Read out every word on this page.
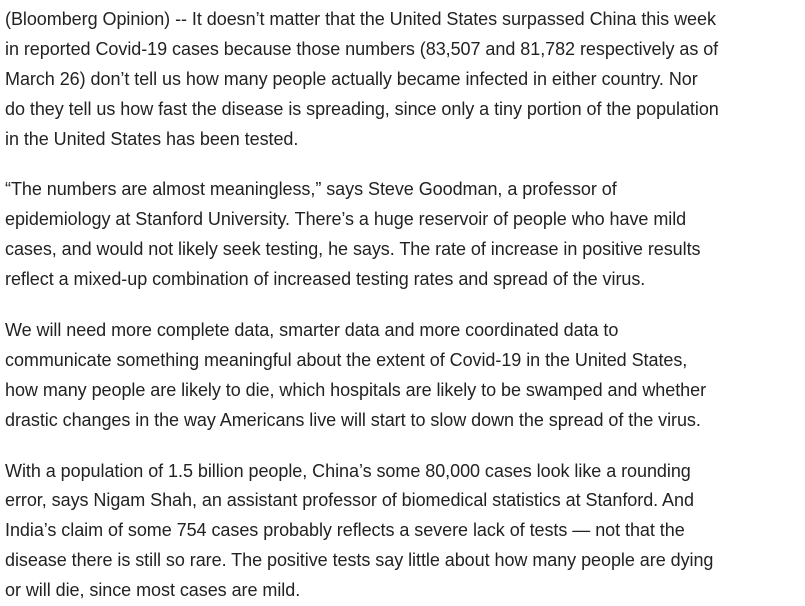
(Bloomberg Opinion) -- It doesn’t matter that the United States surpassed China this week
in reported Covid-19 cases because those numbers (83,507 and 81,782 respectively as of
March 26) don’t tell us how many people actually became infected in either country. Nor
do they tell us how fast the disease is spreading, since only a tiny portion of the population
in the United States has been tested.

“The numbers are almost meaningless,” says Steve Goodman, a professor of
epidemiology at Stanford University. There’s a huge reservoir of people who have mild
cases, and would not likely seek testing, he says. The rate of increase in positive results
reflect a mixed-up combination of increased testing rates and spread of the virus.

We will need more complete data, smarter data and more coordinated data to
communicate something meaningful about the extent of Covid-19 in the United States,
how many people are likely to die, which hospitals are likely to be swamped and whether
drastic changes in the way Americans live will start to slow down the spread of the virus.

With a population of 1.5 billion people, China’s some 80,000 cases look like a rounding
error, says Nigam Shah, an assistant professor of biomedical statistics at Stanford. And
India’s claim of some 754 cases probably reflects a severe lack of tests — not that the
disease there is still so rare. The positive tests say little about how many people are dying
or will die, since most cases are mild.
